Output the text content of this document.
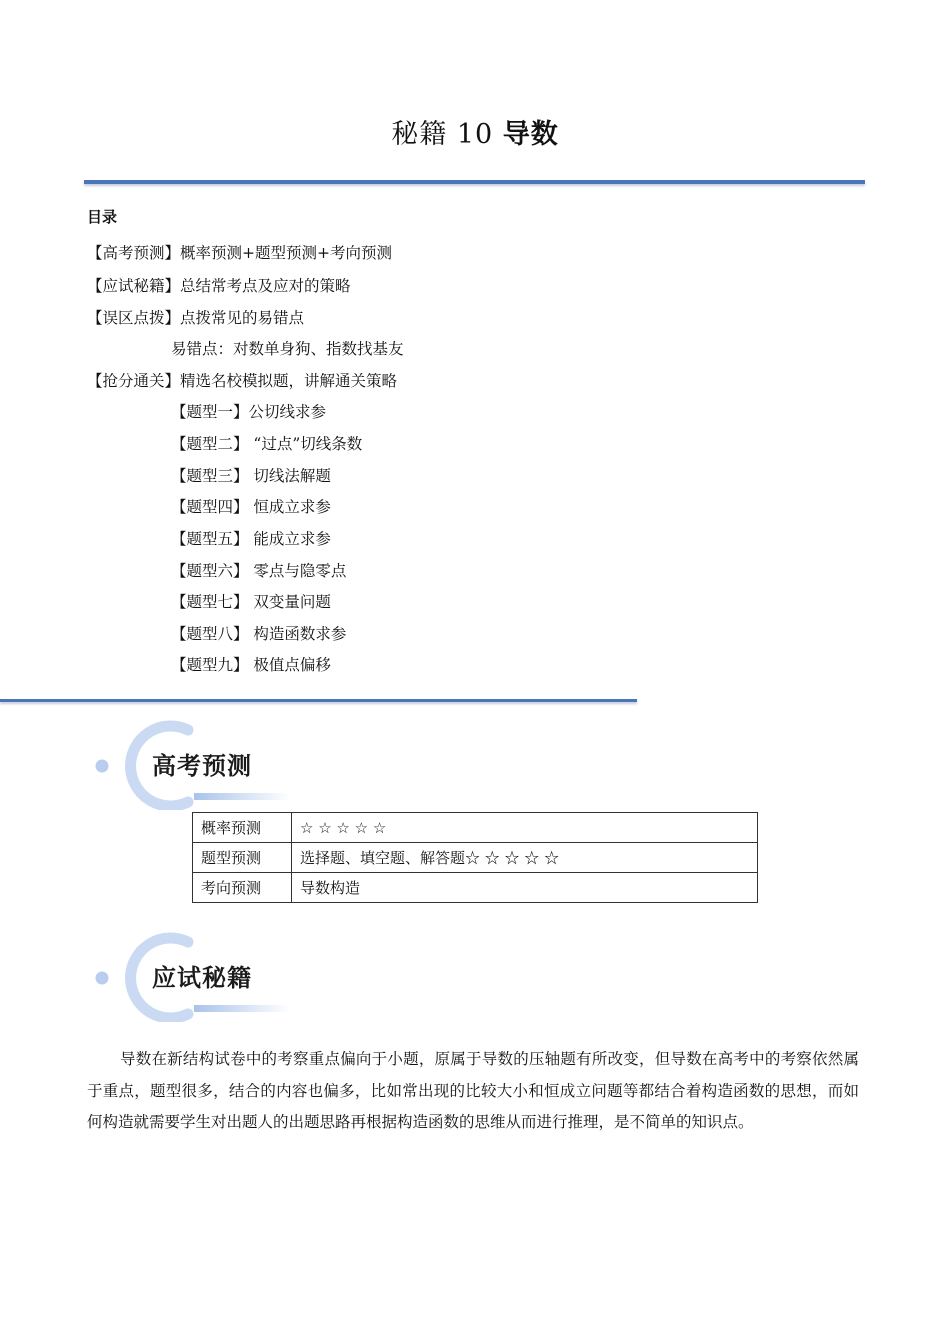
秘籍 10 导数
目录
【高考预测】概率预测+题型预测+考向预测
【应试秘籍】总结常考点及应对的策略
【误区点拨】点拨常见的易错点
易错点：对数单身狗、指数找基友
【抢分通关】精选名校模拟题，讲解通关策略
【题型一】公切线求参
【题型二】 “过点”切线条数
【题型三】 切线法解题
【题型四】 恒成立求参
【题型五】 能成立求参
【题型六】 零点与隐零点
【题型七】 双变量问题
【题型八】 构造函数求参
【题型九】 极值点偏移
高考预测
概率预测	☆ ☆ ☆ ☆ ☆
题型预测	选择题、填空题、解答题☆ ☆ ☆ ☆ ☆
考向预测	导数构造
应试秘籍
导数在新结构试卷中的考察重点偏向于小题，原属于导数的压轴题有所改变，但导数在高考中的考察依然属于重点，题型很多，结合的内容也偏多，比如常出现的比较大小和恒成立问题等都结合着构造函数的思想，而如何构造就需要学生对出题人的出题思路再根据构造函数的思维从而进行推理，是不简单的知识点。
